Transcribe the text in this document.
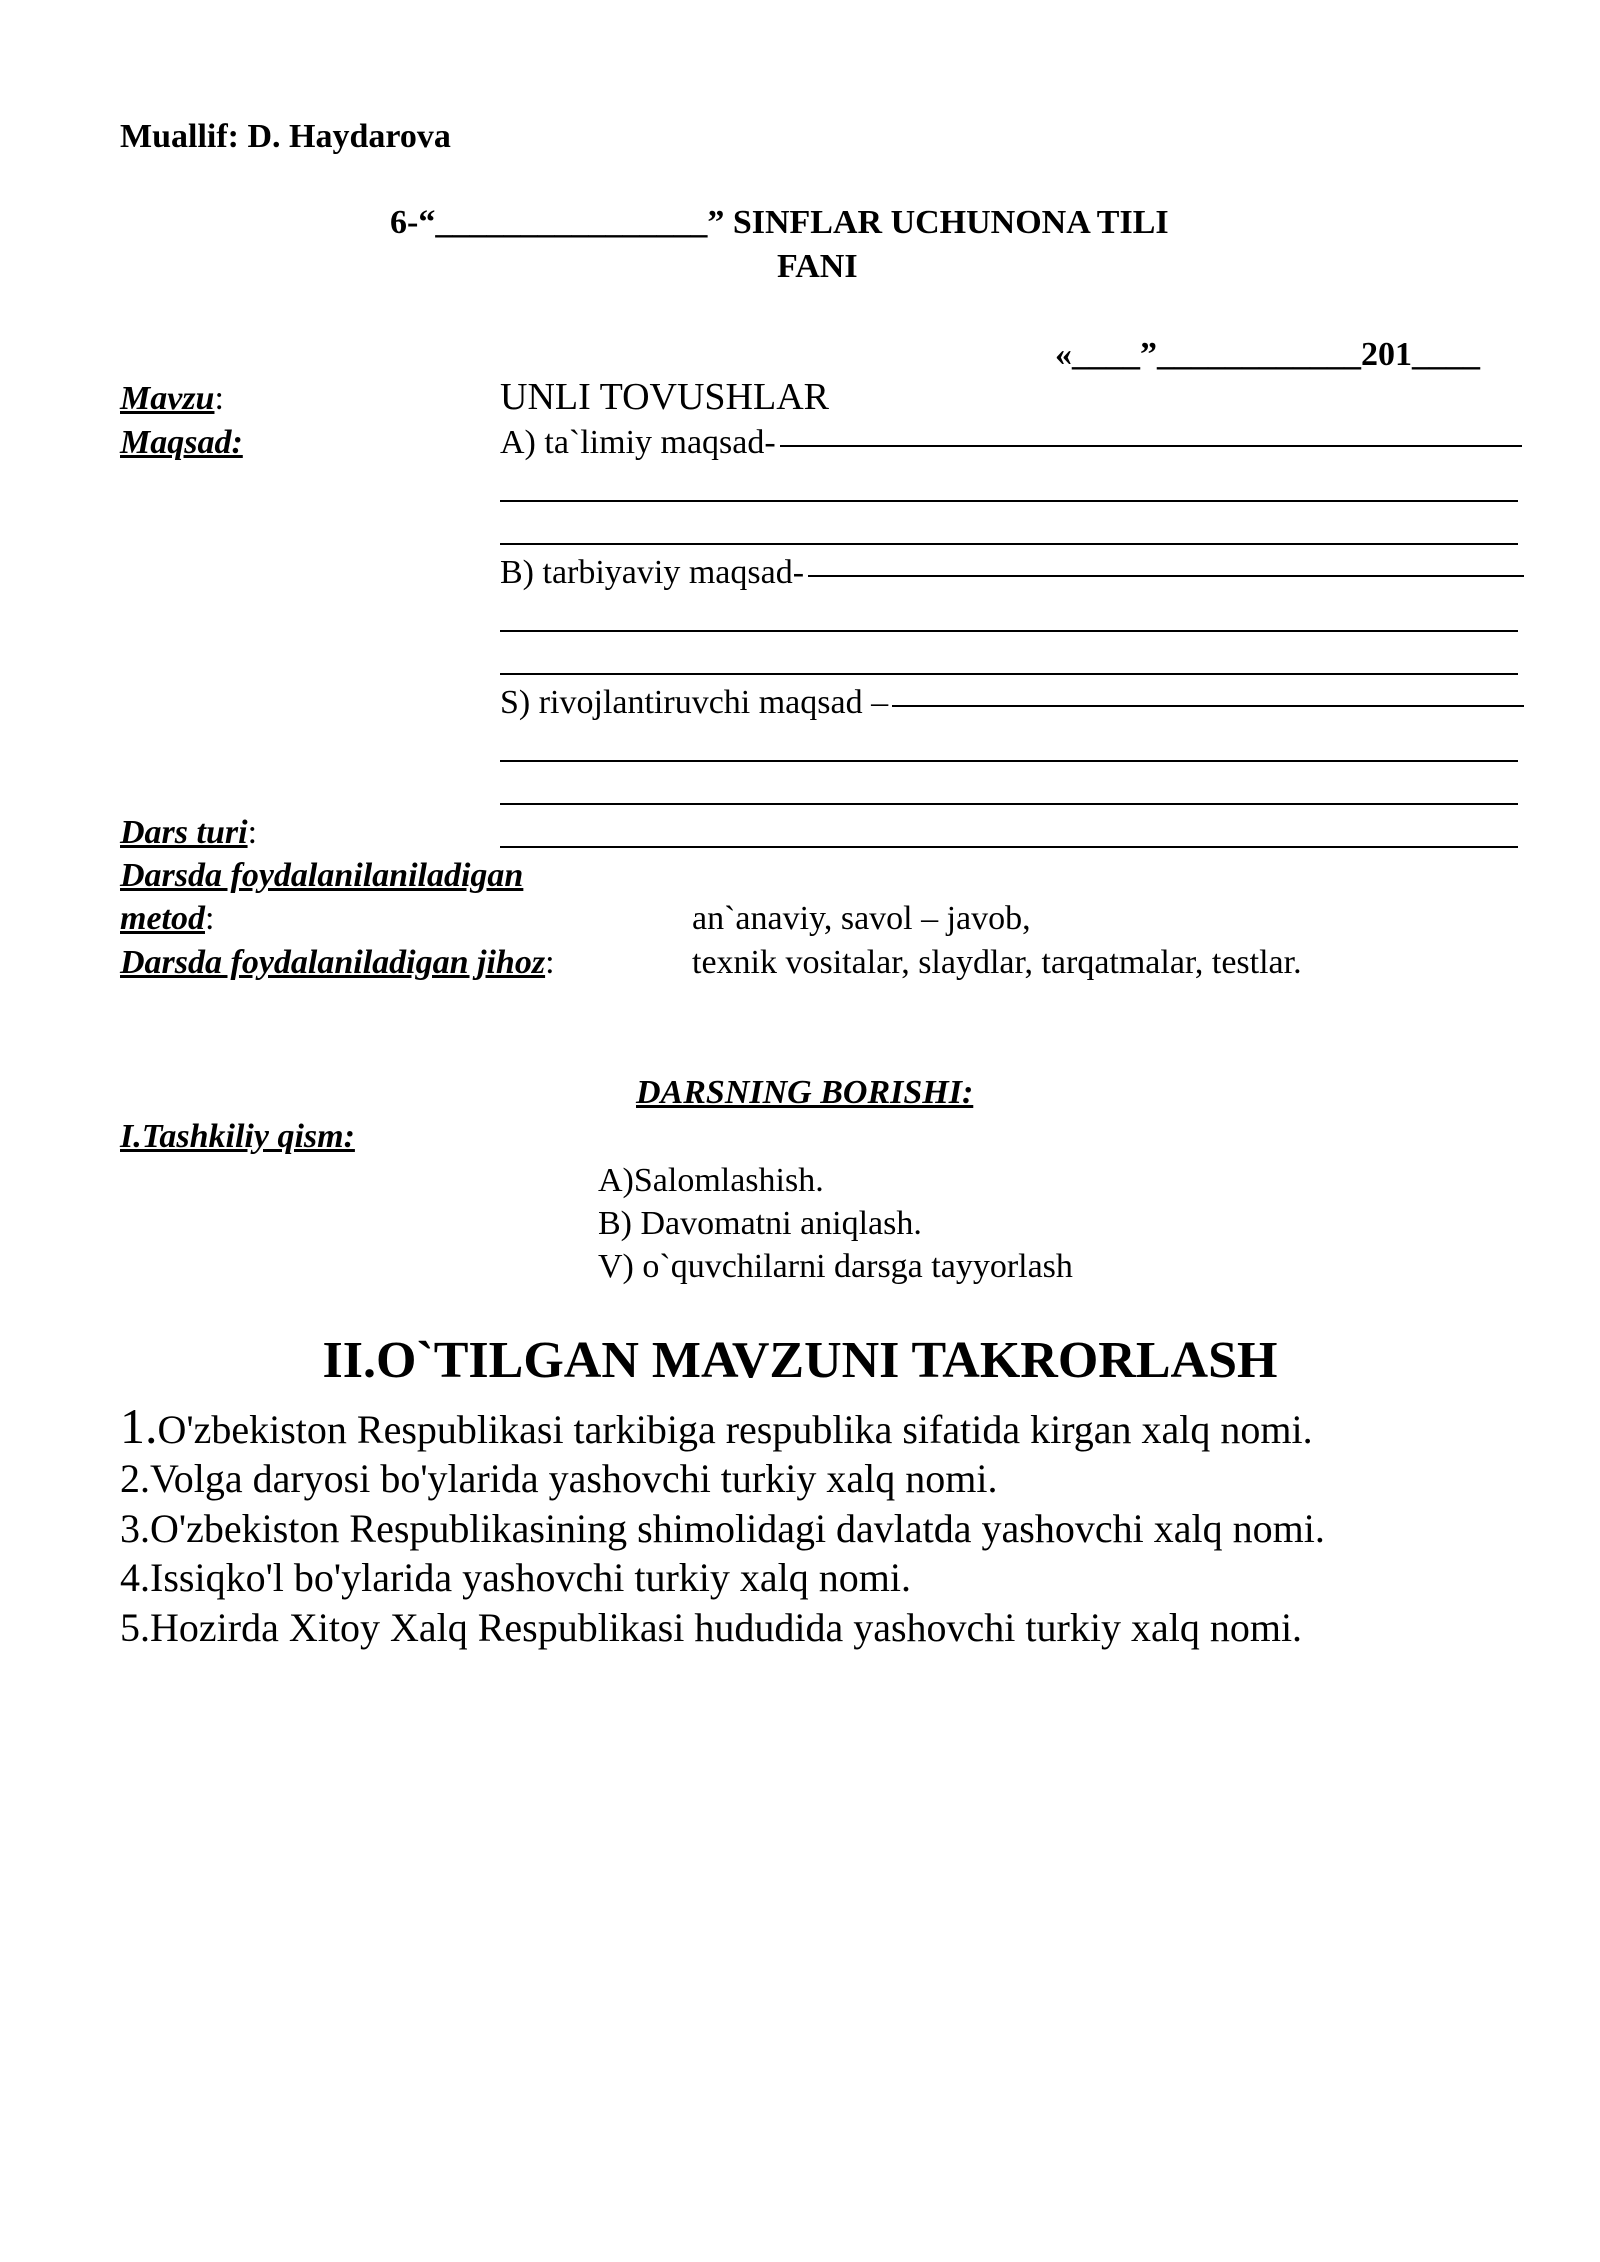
Muallif: D. Haydarova
6-“________________” SINFLAR UCHUNONA TILI
FANI
«____”____________201____
Mavzu:	UNLI TOVUSHLAR
Maqsad:	A) ta`limiy maqsad-
B) tarbiyaviy maqsad-
S) rivojlantiruvchi maqsad –
Dars turi:
Darsda foydalanilaniladigan
metod:	an`anaviy, savol – javob,
Darsda foydalaniladigan jihoz:	texnik vositalar, slaydlar, tarqatmalar, testlar.
DARSNING BORISHI:
I.Tashkiliy qism:
A)Salomlashish.
B) Davomatni aniqlash.
V) o`quvchilarni darsga tayyorlash
II.O`TILGAN MAVZUNI TAKRORLASH
1.O'zbekiston Respublikasi tarkibiga respublika sifatida kirgan xalq nomi.
2.Volga daryosi bo'ylarida yashovchi turkiy xalq nomi.
3.O'zbekiston Respublikasining shimolidagi davlatda yashovchi xalq nomi.
4.Issiqko'l bo'ylarida yashovchi turkiy xalq nomi.
5.Hozirda Xitoy Xalq Respublikasi hududida yashovchi turkiy xalq nomi.
